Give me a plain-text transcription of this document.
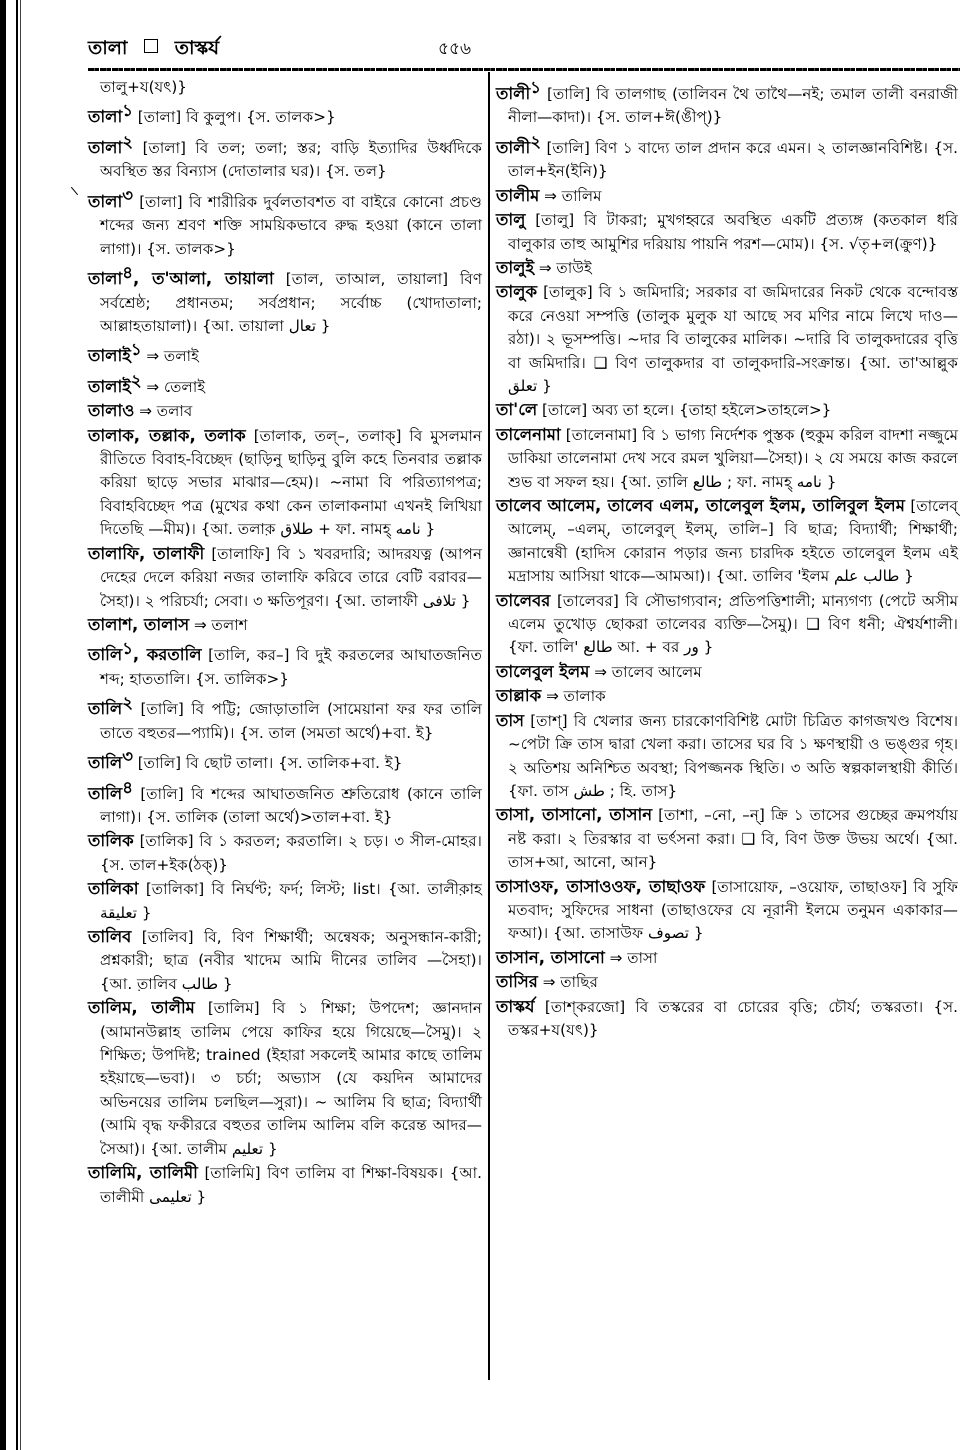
তালা তাস্কর্য	৫৫৬

তালু+য(যৎ)}

তালা$^১$ [তালা] বি কুলুপ। {স. তালক>}

তালা$^২$ [তালা] বি তল; তলা; স্তর; বাড়ি ইত্যাদির উর্ধ্বদিকে অবস্থিত স্তর বিন্যাস (দোতালার ঘর)। {স. তল}

তালা$^৩$ [তালা] বি শারীরিক দুর্বলতাবশত বা বাইরে কোনো প্রচণ্ড শব্দের জন্য শ্রবণ শক্তি সাময়িকভাবে রুদ্ধ হওয়া (কানে তালা লাগা)। {স. তালক>}

তালা$^৪$, ত'আলা, তায়ালা [তাল, তাআল, তায়ালা] বিণ সর্বশ্রেষ্ঠ; প্রধানতম; সর্বপ্রধান; সর্বোচ্চ (খোদাতালা; আল্লাহতায়ালা)। {আ. তায়ালা تعال }

তালাই$^১$ ⇒ তলাই

তালাই$^২$ ⇒ তেলাই

তালাও ⇒ তলাব

তালাক, তল্লাক, তলাক [তালাক, তল্–, তলাক্] বি মুসলমান রীতিতে বিবাহ-বিচ্ছেদ (ছাড়িনু ছাড়িনু বুলি কহে তিনবার তল্লাক করিয়া ছাড়ে সভার মাঝার—হেম)। ~নামা বি পরিত্যাগপত্র; বিবাহবিচ্ছেদ পত্র (মুখের কথা কেন তালাকনামা এখনই লিখিয়া দিতেছি —মীম)। {আ. তলাক় طلاق + ফা. নামহ্ نامه }

তালাফি, তালাফী [তালাফি] বি ১ খবরদারি; আদরযত্ন (আপন দেহের দেলে করিয়া নজর তালাফি করিবে তারে বেটি বরাবর—সৈহা)। ২ পরিচর্যা; সেবা। ৩ ক্ষতিপূরণ। {আ. তালাফী تلافى }

তালাশ, তালাস ⇒ তলাশ

তালি$^১$, করতালি [তালি, কর–] বি দুই করতলের আঘাতজনিত শব্দ; হাততালি। {স. তালিক>}

তালি$^২$ [তালি] বি পট্টি; জোড়াতালি (সামেয়ানা ফর ফর তালি তাতে বহুতর—প্যামি)। {স. তাল (সমতা অর্থে)+বা. ই}

তালি$^৩$ [তালি] বি ছোট তালা। {স. তালিক+বা. ই}

তালি$^৪$ [তালি] বি শব্দের আঘাতজনিত শ্রুতিরোধ (কানে তালি লাগা)। {স. তালিক (তালা অর্থে)>তাল+বা. ই}

তালিক [তালিক] বি ১ করতল; করতালি। ২ চড়। ৩ সীল-মোহর। {স. তাল+ইক(ঠক্)}

তালিকা [তালিকা] বি নির্ঘণ্ট; ফর্দ; লিস্ট; list। {আ. তালীক়াহ تعليقة }

তালিব [তালিব] বি, বিণ শিক্ষার্থী; অন্বেষক; অনুসন্ধান-কারী; প্রশ্নকারী; ছাত্র (নবীর খাদেম আমি দীনের তালিব —সৈহা)। {আ. ত়ালিব طالب }

তালিম, তালীম [তালিম] বি ১ শিক্ষা; উপদেশ; জ্ঞানদান (আমানউল্লাহ তালিম পেয়ে কাফির হয়ে গিয়েছে—সৈমু)। ২ শিক্ষিত; উপদিষ্ট; trained (ইহারা সকলেই আমার কাছে তালিম হইয়াছে—ভবা)। ৩ চর্চা; অভ্যাস (যে কয়দিন আমাদের অভিনয়ের তালিম চলছিল—সুরা)। ~ আলিম বি ছাত্র; বিদ্যার্থী (আমি বৃদ্ধ ফকীররে বহুতর তালিম আলিম বলি করেন্ত আদর—সৈআ)। {আ. তালীম تعليم }

তালিমি, তালিমী [তালিমি] বিণ তালিম বা শিক্ষা-বিষয়ক। {আ. তালীমী تعليمى }

তালী$^১$ [তালি] বি তালগাছ (তালিবন থৈ তাথৈ—নই; তমাল তালী বনরাজী নীলা—কাদা)। {স. তাল+ঈ(ঙীপ্)}

তালী$^২$ [তালি] বিণ ১ বাদ্যে তাল প্রদান করে এমন। ২ তালজ্ঞানবিশিষ্ট। {স. তাল+ইন(ইনি)}

তালীম ⇒ তালিম

তালু [তালু] বি টাকরা; মুখগহ্বরে অবস্থিত একটি প্রত্যঙ্গ (কতকাল ধরি বালুকার তাহু আমুশির দরিয়ায় পায়নি পরশ—মোম)। {স. √তৃ+ল(ক্রুণ)}

তালুই ⇒ তাউই

তালুক [তালুক] বি ১ জমিদারি; সরকার বা জমিদারের নিকট থেকে বন্দোবস্ত করে নেওয়া সম্পত্তি (তালুক মুলুক যা আছে সব মণির নামে লিখে দাও—রঠা)। ২ ভূসম্পত্তি। ~দার বি তালুকের মালিক। ~দারি বি তালুকদারের বৃত্তি বা জমিদারি। ❑ বিণ তালুকদার বা তালুকদারি-সংক্রান্ত। {আ. তা'আল্লুক تعلق }

তা'লে [তালে] অব্য তা হলে। {তাহা হইলে>তাহলে>}

তালেনামা [তালেনামা] বি ১ ভাগ্য নির্দেশক পুস্তক (হুকুম করিল বাদশা নজ্জুমে ডাকিয়া তালেনামা দেখ সবে রমল খুলিয়া—সৈহা)। ২ যে সময়ে কাজ করলে শুভ বা সফল হয়। {আ. ত়ালি طالع ; ফা. নামহ্ نامه }

তালেব আলেম, তালেব এলম, তালেবুল ইলম, তালিবুল ইলম [তালেব্ আলেম্, –এলম্, তালেবুল্ ইলম্, তালি–] বি ছাত্র; বিদ্যার্থী; শিক্ষার্থী; জ্ঞানান্বেষী (হাদিস কোরান পড়ার জন্য চারদিক হইতে তালেবুল ইলম এই মদ্রাসায় আসিয়া থাকে—আমআ)। {আ. তালিব 'ইলম طالب علم }

তালেবর [তালেবর] বি সৌভাগ্যবান; প্রতিপত্তিশালী; মান্যগণ্য (পেটে অসীম এলেম তুখোড় ছোকরা তালেবর ব্যক্তি—সৈমু)। ❑ বিণ ধনী; ঐশ্বর্যশালী। {ফা. তালি' طالع আ. + বর ور }

তালেবুল ইলম ⇒ তালেব আলেম

তাল্লাক ⇒ তালাক

তাস [তাশ্] বি খেলার জন্য চারকোণবিশিষ্ট মোটা চিত্রিত কাগজখণ্ড বিশেষ। ~পেটা ক্রি তাস দ্বারা খেলা করা। তাসের ঘর বি ১ ক্ষণস্থায়ী ও ভঙ্গুর গৃহ। ২ অতিশয় অনিশ্চিত অবস্থা; বিপজ্জনক স্থিতি। ৩ অতি স্বল্পকালস্থায়ী কীর্তি। {ফা. তাস طش ; হি. তাস}

তাসা, তাসানো, তাসান [তাশা, –নো, –ন্] ক্রি ১ তাসের গুচ্ছের ক্রমপর্যায় নষ্ট করা। ২ তিরস্কার বা ভর্ৎসনা করা। ❑ বি, বিণ উক্ত উভয় অর্থে। {আ. তাস+আ, আনো, আন}

তাসাওফ, তাসাওওফ, তাছাওফ [তাসায়োফ, –ওয়োফ, তাছাওফ] বি সুফি মতবাদ; সুফিদের সাধনা (তাছাওফের যে নূরানী ইলমে তনুমন একাকার—ফআ)। {আ. তাসাউফ تصوف }

তাসান, তাসানো ⇒ তাসা

তাসির ⇒ তাছির

তাস্কর্য [তাশ্করজো] বি তস্করের বা চোরের বৃত্তি; চৌর্য; তস্করতা। {স. তস্কর+য(যৎ)}
